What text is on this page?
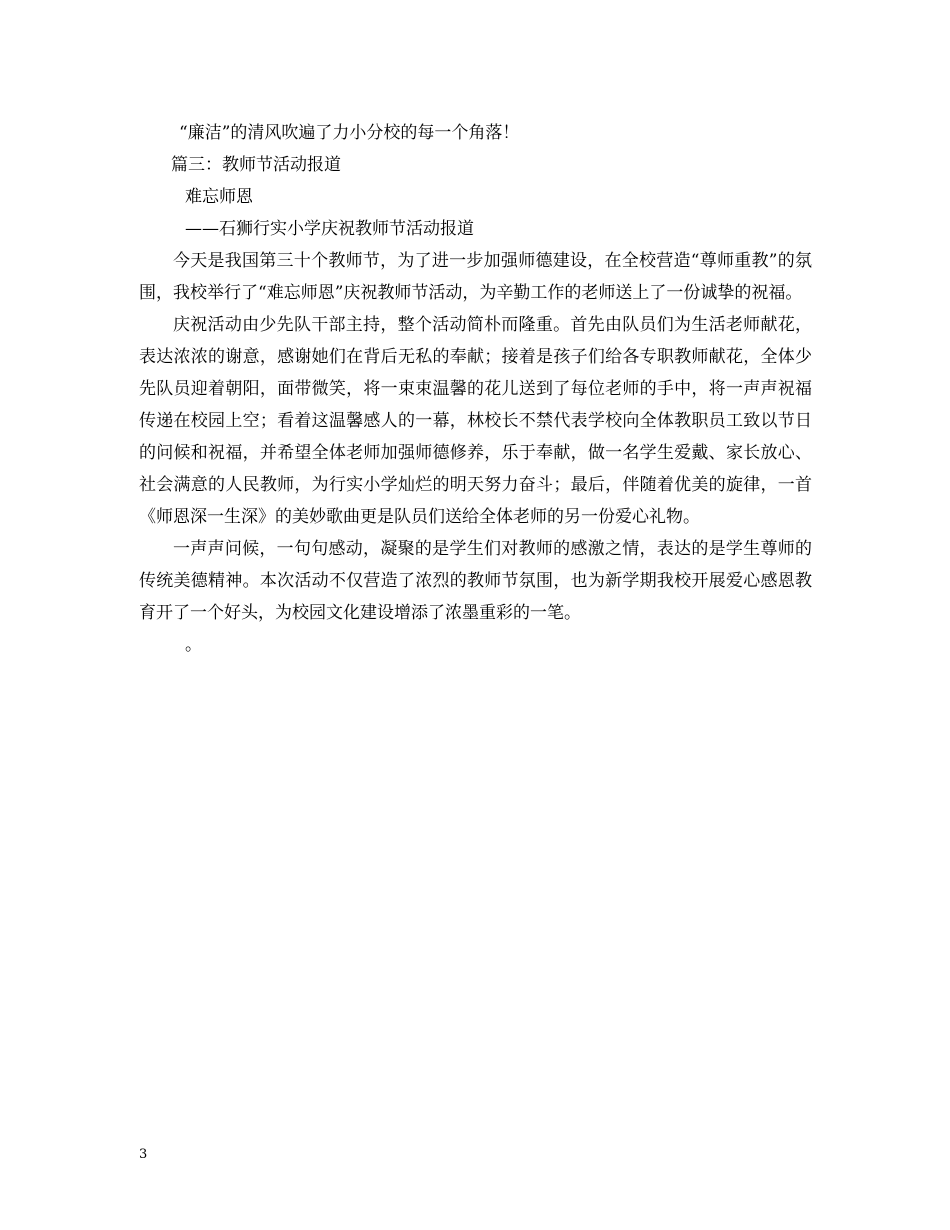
“廉洁”的清风吹遍了力小分校的每一个角落！

篇三：教师节活动报道

难忘师恩

——石狮行实小学庆祝教师节活动报道

今天是我国第三十个教师节，为了进一步加强师德建设，在全校营造“尊师重教”的氛围，我校举行了“难忘师恩”庆祝教师节活动，为辛勤工作的老师送上了一份诚挚的祝福。

庆祝活动由少先队干部主持，整个活动简朴而隆重。首先由队员们为生活老师献花，表达浓浓的谢意，感谢她们在背后无私的奉献；接着是孩子们给各专职教师献花，全体少先队员迎着朝阳，面带微笑，将一束束温馨的花儿送到了每位老师的手中，将一声声祝福传递在校园上空；看着这温馨感人的一幕，林校长不禁代表学校向全体教职员工致以节日的问候和祝福，并希望全体老师加强师德修养，乐于奉献，做一名学生爱戴、家长放心、社会满意的人民教师，为行实小学灿烂的明天努力奋斗；最后，伴随着优美的旋律，一首《师恩深一生深》的美妙歌曲更是队员们送给全体老师的另一份爱心礼物。

一声声问候，一句句感动，凝聚的是学生们对教师的感激之情，表达的是学生尊师的传统美德精神。本次活动不仅营造了浓烈的教师节氛围，也为新学期我校开展爱心感恩教育开了一个好头，为校园文化建设增添了浓墨重彩的一笔。

。

3
